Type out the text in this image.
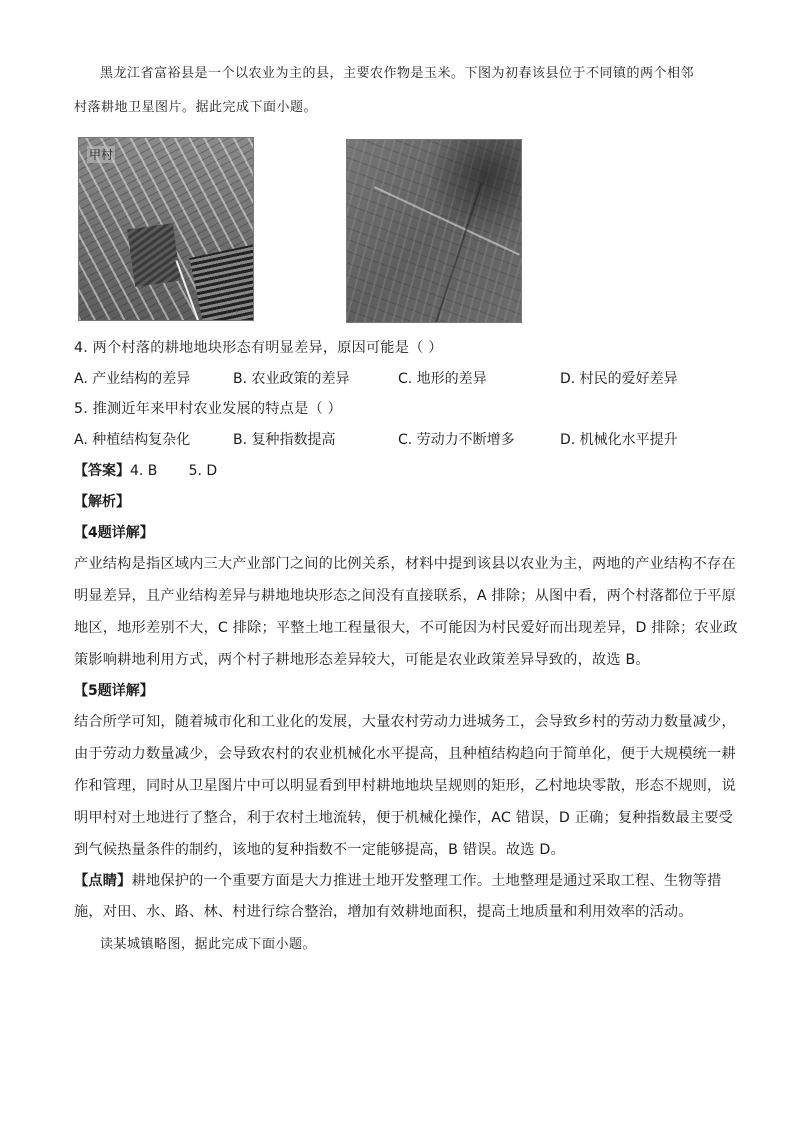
黑龙江省富裕县是一个以农业为主的县，主要农作物是玉米。下图为初春该县位于不同镇的两个相邻
村落耕地卫星图片。据此完成下面小题。
甲村
4. 两个村落的耕地地块形态有明显差异，原因可能是（ ）
A. 产业结构的差异	B. 农业政策的差异	C. 地形的差异	D. 村民的爱好差异
5. 推测近年来甲村农业发展的特点是（ ）
A. 种植结构复杂化	B. 复种指数提高	C. 劳动力不断增多	D. 机械化水平提升
【答案】4. B       5. D
【解析】
【4题详解】
产业结构是指区域内三大产业部门之间的比例关系，材料中提到该县以农业为主，两地的产业结构不存在
明显差异，且产业结构差异与耕地地块形态之间没有直接联系，A 排除；从图中看，两个村落都位于平原
地区，地形差别不大，C 排除；平整土地工程量很大，不可能因为村民爱好而出现差异，D 排除；农业政
策影响耕地利用方式，两个村子耕地形态差异较大，可能是农业政策差异导致的，故选 B。
【5题详解】
结合所学可知，随着城市化和工业化的发展，大量农村劳动力进城务工，会导致乡村的劳动力数量减少，
由于劳动力数量减少，会导致农村的农业机械化水平提高，且种植结构趋向于简单化，便于大规模统一耕
作和管理，同时从卫星图片中可以明显看到甲村耕地地块呈规则的矩形，乙村地块零散，形态不规则，说
明甲村对土地进行了整合，利于农村土地流转，便于机械化操作，AC 错误，D 正确；复种指数最主要受
到气候热量条件的制约，该地的复种指数不一定能够提高，B 错误。故选 D。
【点睛】耕地保护的一个重要方面是大力推进土地开发整理工作。土地整理是通过采取工程、生物等措
施，对田、水、路、林、村进行综合整治，增加有效耕地面积，提高土地质量和利用效率的活动。
读某城镇略图，据此完成下面小题。
